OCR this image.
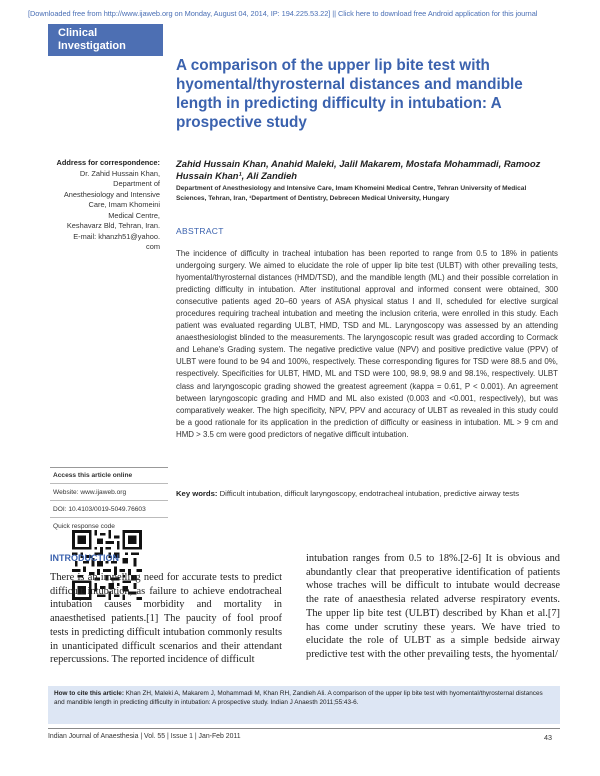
[Downloaded free from http://www.ijaweb.org on Monday, August 04, 2014, IP: 194.225.53.22] || Click here to download free Android application for this journal
Clinical Investigation
A comparison of the upper lip bite test with hyomental/thyrosternal distances and mandible length in predicting difficulty in intubation: A prospective study
Address for correspondence:
Dr. Zahid Hussain Khan,
Department of
Anesthesiology and Intensive
Care, Imam Khomeini
Medical Centre,
Keshavarz Bld, Tehran, Iran.
E-mail: khanzh51@yahoo.
com
Zahid Hussain Khan, Anahid Maleki, Jalil Makarem, Mostafa Mohammadi, Ramooz Hussain Khan¹, Ali Zandieh
Department of Anesthesiology and Intensive Care, Imam Khomeini Medical Centre, Tehran University of Medical Sciences, Tehran, Iran, ¹Department of Dentistry, Debrecen Medical University, Hungary
ABSTRACT
The incidence of difficulty in tracheal intubation has been reported to range from 0.5 to 18% in patients undergoing surgery. We aimed to elucidate the role of upper lip bite test (ULBT) with other prevailing tests, hyomental/thyrosternal distances (HMD/TSD), and the mandible length (ML) and their possible correlation in predicting difficulty in intubation. After institutional approval and informed consent were obtained, 300 consecutive patients aged 20–60 years of ASA physical status I and II, scheduled for elective surgical procedures requiring tracheal intubation and meeting the inclusion criteria, were enrolled in this study. Each patient was evaluated regarding ULBT, HMD, TSD and ML. Laryngoscopy was assessed by an attending anaesthesiologist blinded to the measurements. The laryngoscopic result was graded according to Cormack and Lehane's Grading system. The negative predictive value (NPV) and positive predictive value (PPV) of ULBT were found to be 94 and 100%, respectively. These corresponding figures for TSD were 88.5 and 0%, respectively. Specificities for ULBT, HMD, ML and TSD were 100, 98.9, 98.9 and 98.1%, respectively. ULBT class and laryngoscopic grading showed the greatest agreement (kappa = 0.61, P < 0.001). An agreement between laryngoscopic grading and HMD and ML also existed (0.003 and <0.001, respectively), but was comparatively weaker. The high specificity, NPV, PPV and accuracy of ULBT as revealed in this study could be a good rationale for its application in the prediction of difficulty or easiness in intubation. ML > 9 cm and HMD > 3.5 cm were good predictors of negative difficult intubation.
Key words: Difficult intubation, difficult laryngoscopy, endotracheal intubation, predictive airway tests
Access this article online
Website: www.ijaweb.org
DOI: 10.4103/0019-5049.76603
Quick response code
INTRODUCTION
There is an impelling need for accurate tests to predict difficult intubation, as failure to achieve endotracheal intubation causes morbidity and mortality in anaesthetised patients.[1] The paucity of fool proof tests in predicting difficult intubation commonly results in unanticipated difficult scenarios and their attendant repercussions. The reported incidence of difficult
intubation ranges from 0.5 to 18%.[2-6] It is obvious and abundantly clear that preoperative identification of patients whose traches will be difficult to intubate would decrease the rate of anaesthesia related adverse respiratory events. The upper lip bite test (ULBT) described by Khan et al.[7] has come under scrutiny these years. We have tried to elucidate the role of ULBT as a simple bedside airway predictive test with the other prevailing tests, the hyomental/
How to cite this article: Khan ZH, Maleki A, Makarem J, Mohammadi M, Khan RH, Zandieh Ali. A comparison of the upper lip bite test with hyomental/thyrosternal distances and mandible length in predicting difficulty in intubation: A prospective study. Indian J Anaesth 2011;55:43-6.
Indian Journal of Anaesthesia | Vol. 55 | Issue 1 | Jan-Feb 2011	43
